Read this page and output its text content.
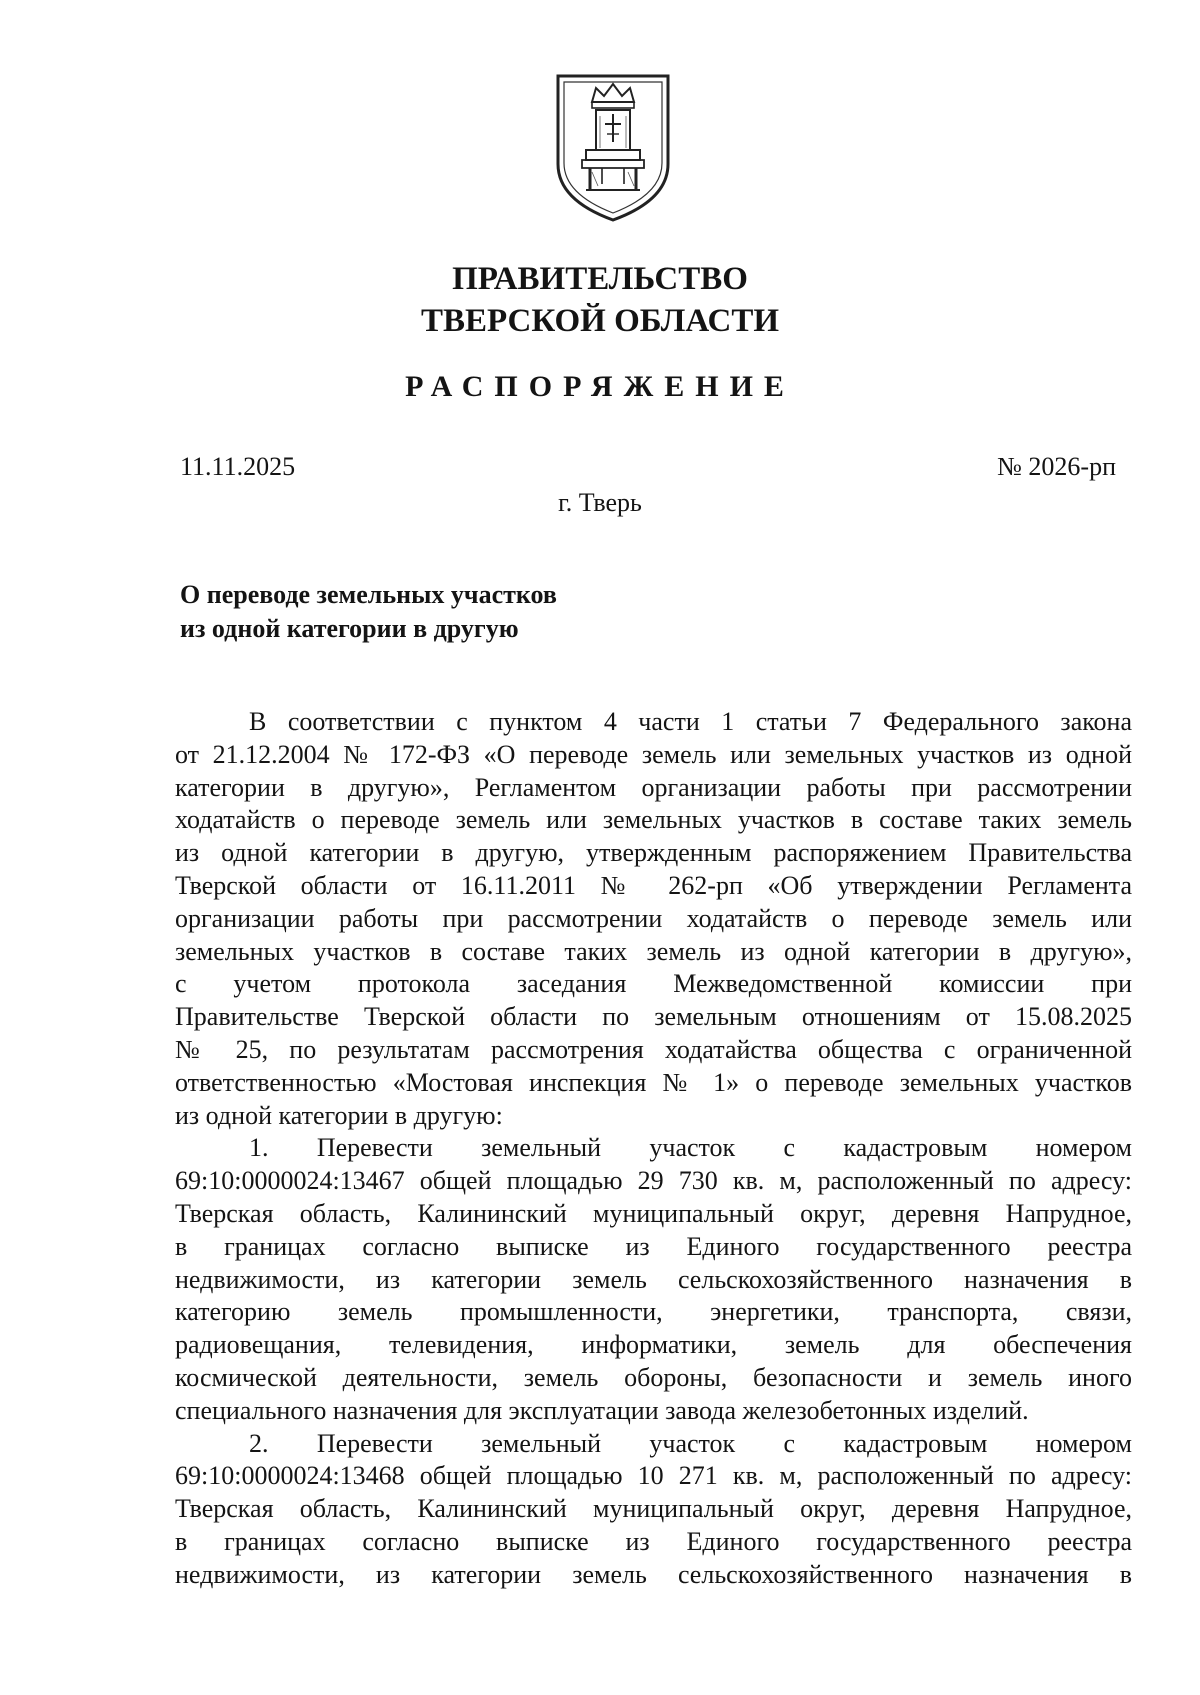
ПРАВИТЕЛЬСТВО
ТВЕРСКОЙ ОБЛАСТИ
РАСПОРЯЖЕНИЕ
11.11.2025	№ 2026-рп
г. Тверь
О переводе земельных участков
из одной категории в другую
В соответствии с пунктом 4 части 1 статьи 7 Федерального закона
от 21.12.2004 № 172-ФЗ «О переводе земель или земельных участков из одной
категории в другую», Регламентом организации работы при рассмотрении
ходатайств о переводе земель или земельных участков в составе таких земель
из одной категории в другую, утвержденным распоряжением Правительства
Тверской области от 16.11.2011 № 262-рп «Об утверждении Регламента
организации работы при рассмотрении ходатайств о переводе земель или
земельных участков в составе таких земель из одной категории в другую»,
с учетом протокола заседания Межведомственной комиссии при
Правительстве Тверской области по земельным отношениям от 15.08.2025
№ 25, по результатам рассмотрения ходатайства общества с ограниченной
ответственностью «Мостовая инспекция № 1» о переводе земельных участков
из одной категории в другую:
1. Перевести земельный участок с кадастровым номером
69:10:0000024:13467 общей площадью 29 730 кв. м, расположенный по адресу:
Тверская область, Калининский муниципальный округ, деревня Напрудное,
в границах согласно выписке из Единого государственного реестра
недвижимости, из категории земель сельскохозяйственного назначения в
категорию земель промышленности, энергетики, транспорта, связи,
радиовещания, телевидения, информатики, земель для обеспечения
космической деятельности, земель обороны, безопасности и земель иного
специального назначения для эксплуатации завода железобетонных изделий.
2. Перевести земельный участок с кадастровым номером
69:10:0000024:13468 общей площадью 10 271 кв. м, расположенный по адресу:
Тверская область, Калининский муниципальный округ, деревня Напрудное,
в границах согласно выписке из Единого государственного реестра
недвижимости, из категории земель сельскохозяйственного назначения в
